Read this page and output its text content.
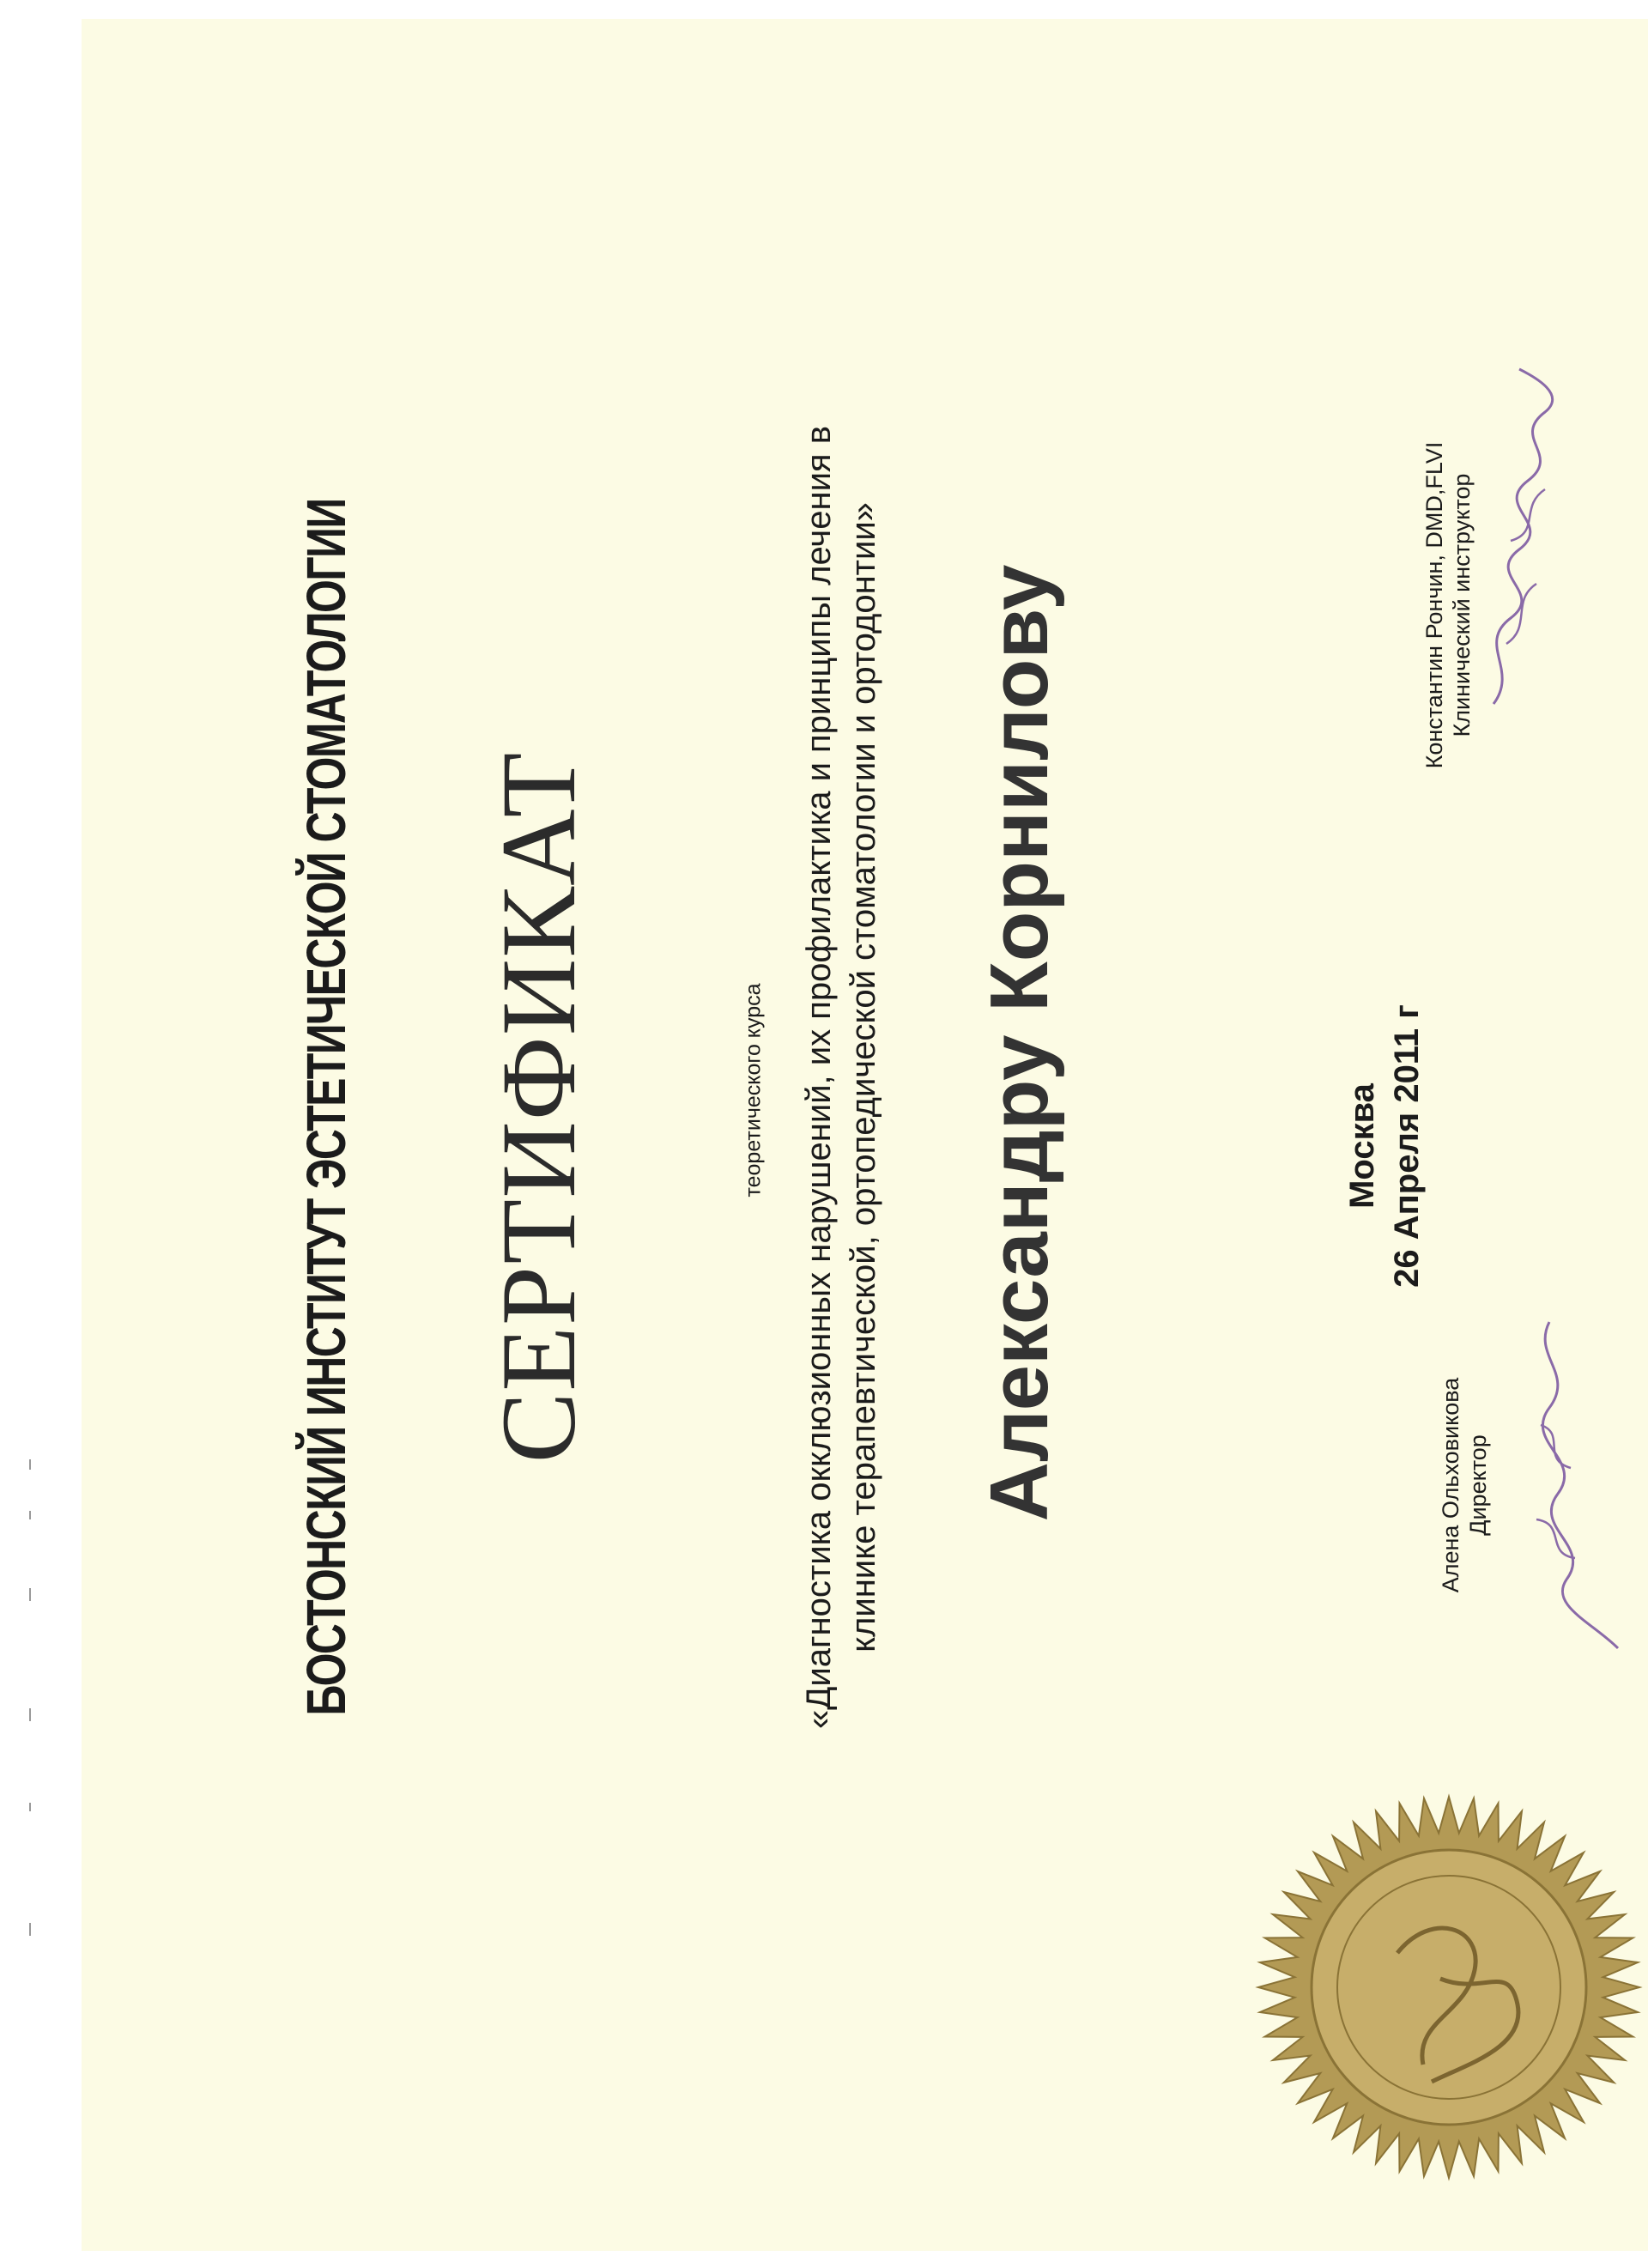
БОСТОНСКИЙ ИНСТИТУТ ЭСТЕТИЧЕСКОЙ СТОМАТОЛОГИИ СЕРТИФИКАТ	теоретического курса «Диагностика окклюзионных нарушений, их профилактика и принципы лечения в клинике терапевтической, ортопедической стоматологии и ортодонтии» Александру Корнилову	Москва 26 Апреля 2011 г
Алена Ольховикова Директор
Константин Рончин, DMD,FLVI Клинический инструктор
